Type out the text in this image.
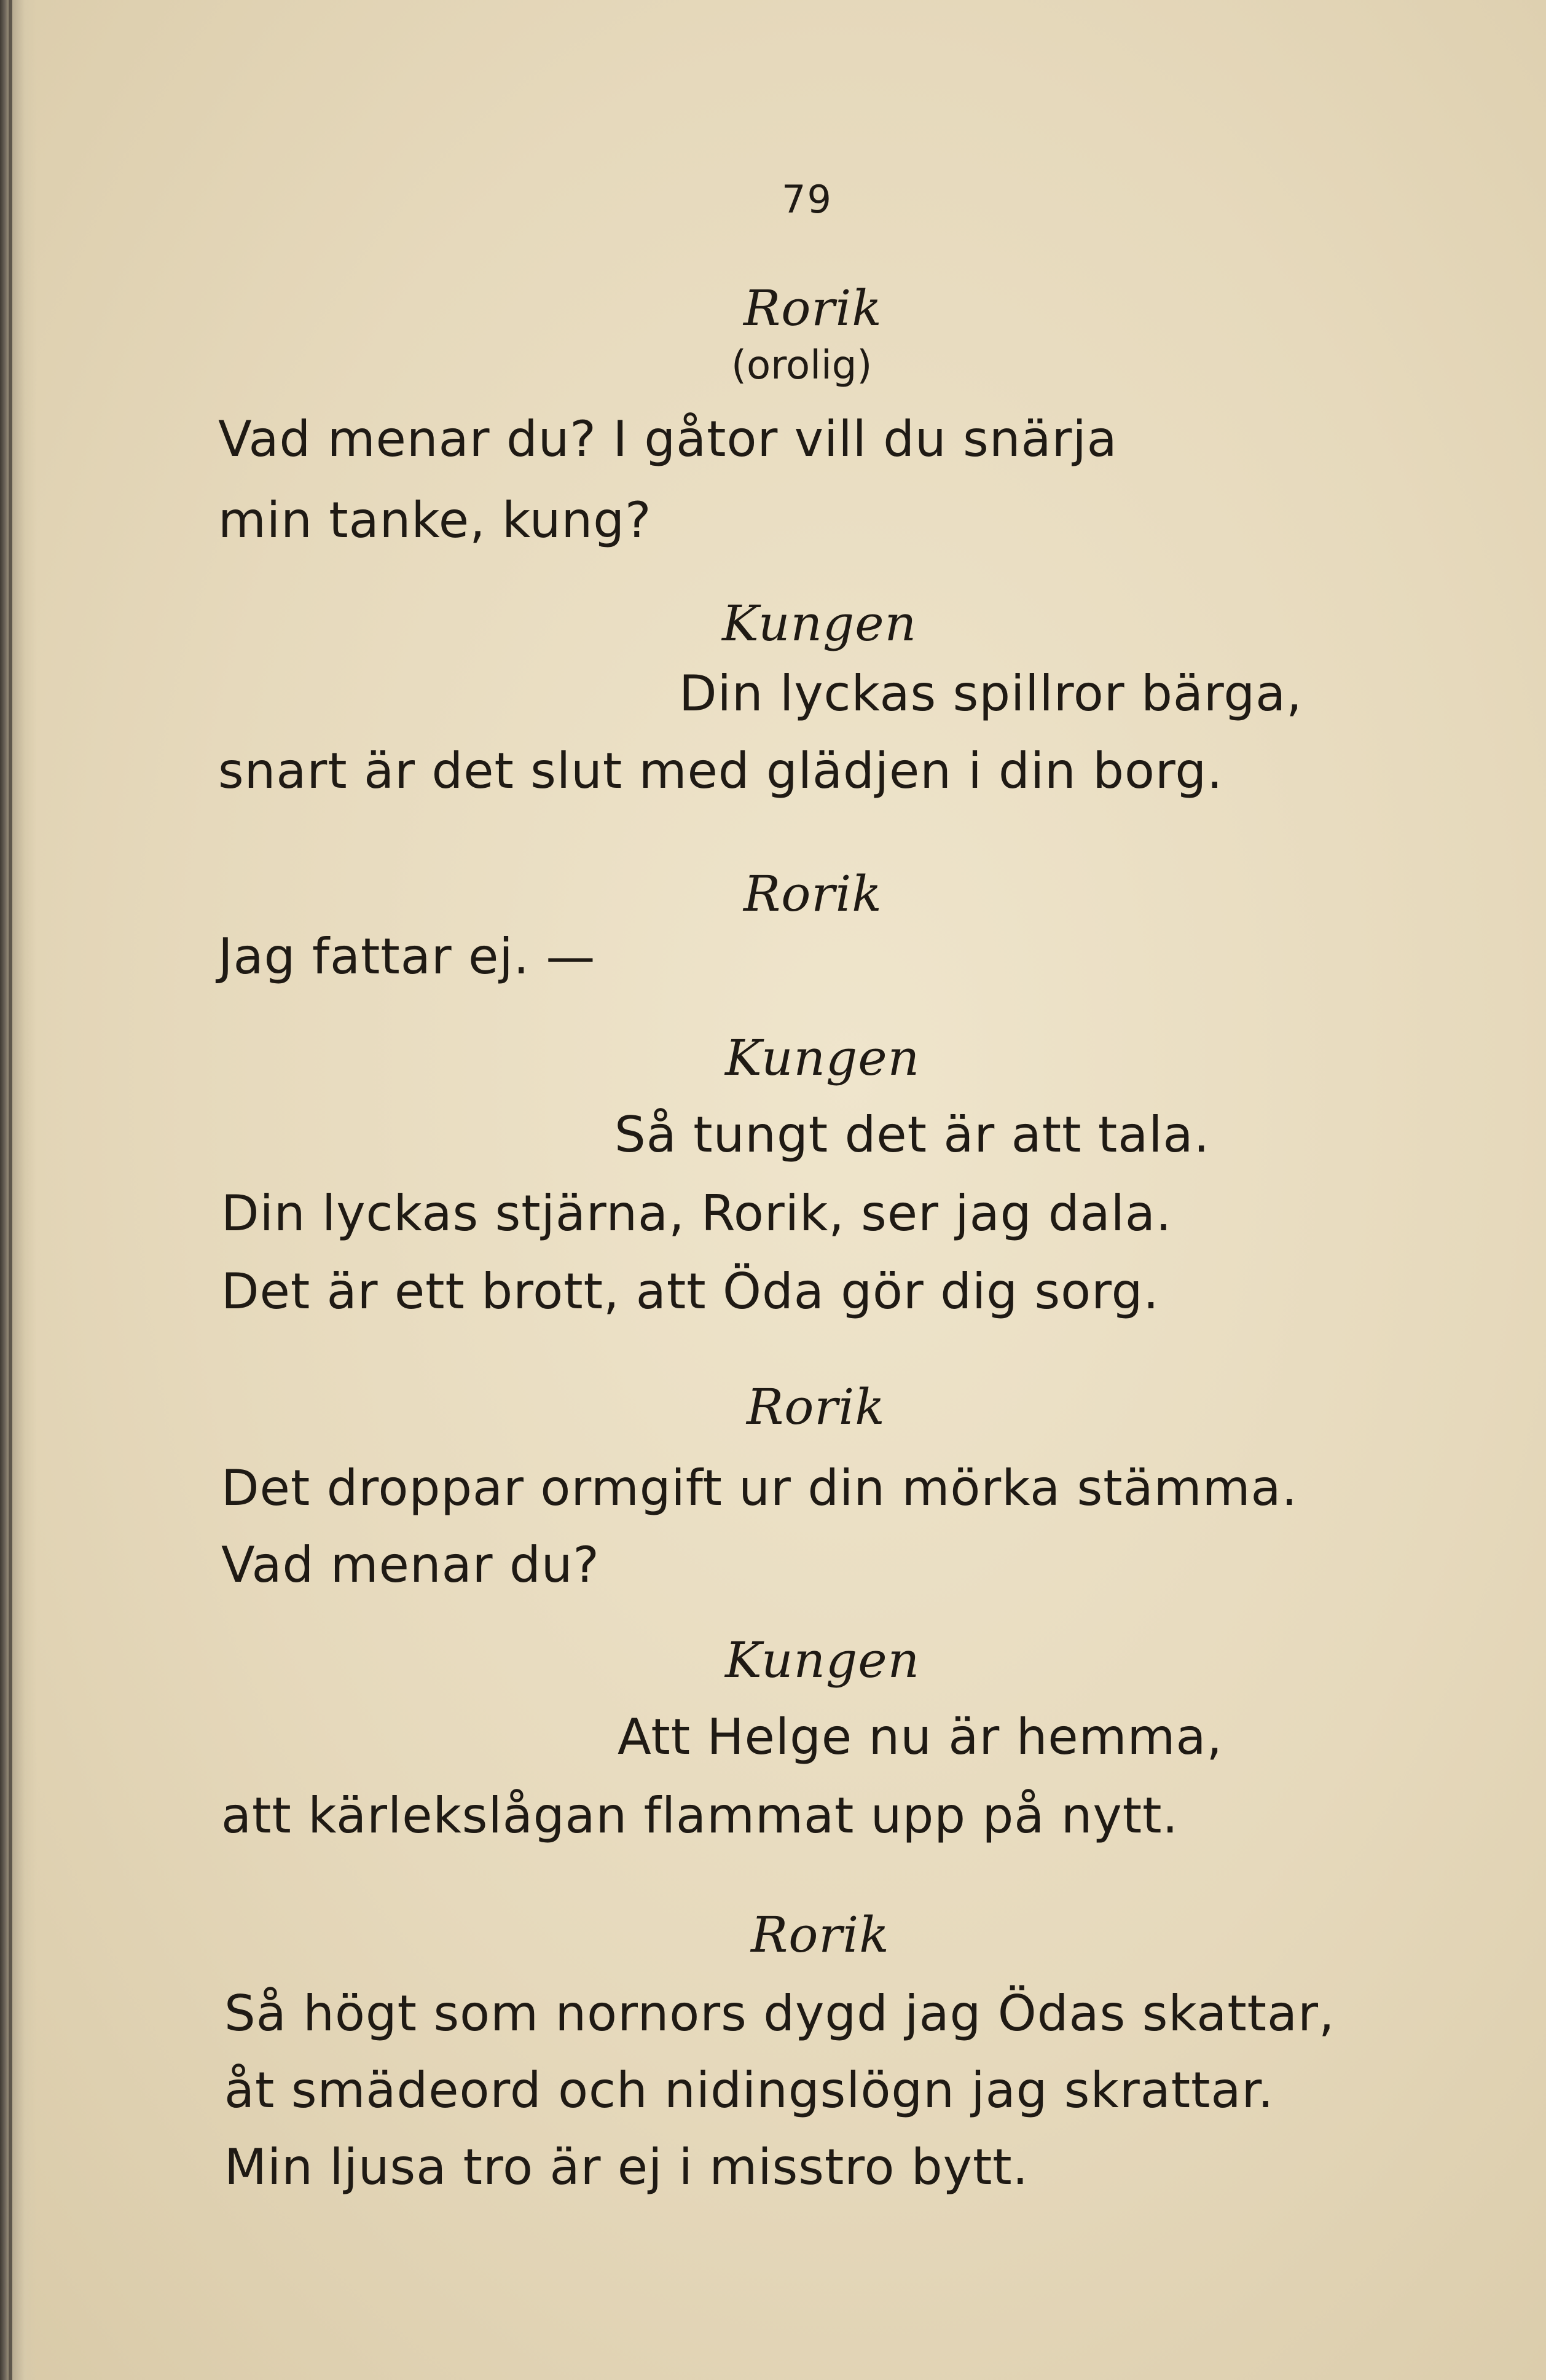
79
Rorik
(orolig)
Vad menar du? I gåtor vill du snärja
min tanke, kung?
Kungen
Din lyckas spillror bärga,
snart är det slut med glädjen i din borg.
Rorik
Jag fattar ej. —
Kungen
Så tungt det är att tala.
Din lyckas stjärna, Rorik, ser jag dala.
Det är ett brott, att Öda gör dig sorg.
Rorik
Det droppar ormgift ur din mörka stämma.
Vad menar du?
Kungen
Att Helge nu är hemma,
att kärlekslågan flammat upp på nytt.
Rorik
Så högt som nornors dygd jag Ödas skattar,
åt smädeord och nidingslögn jag skrattar.
Min ljusa tro är ej i misstro bytt.
